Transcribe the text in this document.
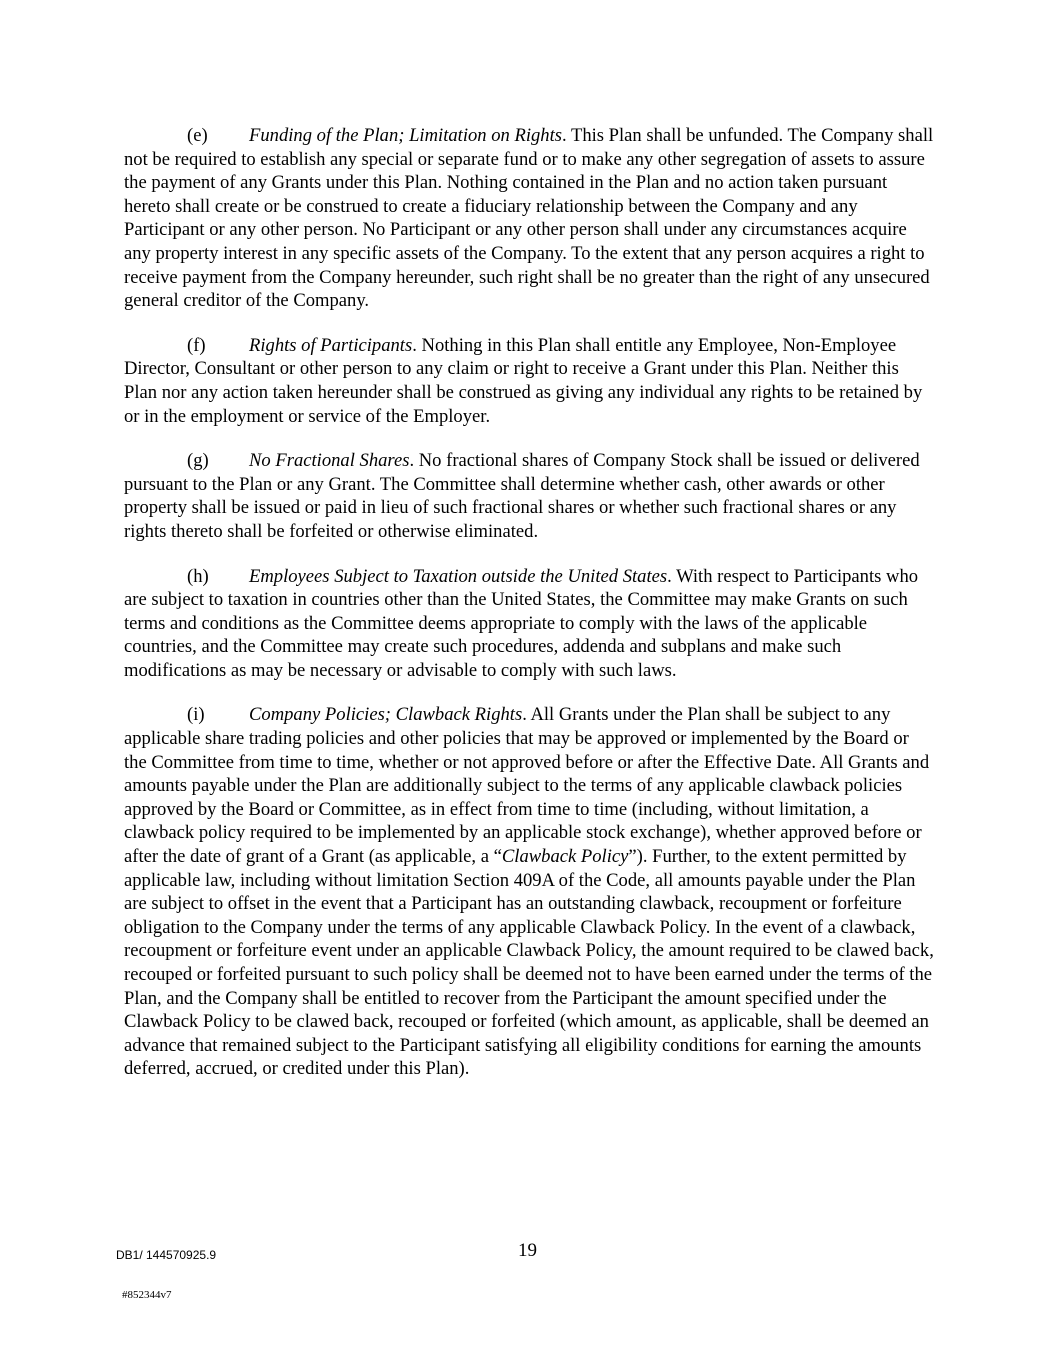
(e) Funding of the Plan; Limitation on Rights. This Plan shall be unfunded. The Company shall not be required to establish any special or separate fund or to make any other segregation of assets to assure the payment of any Grants under this Plan. Nothing contained in the Plan and no action taken pursuant hereto shall create or be construed to create a fiduciary relationship between the Company and any Participant or any other person. No Participant or any other person shall under any circumstances acquire any property interest in any specific assets of the Company. To the extent that any person acquires a right to receive payment from the Company hereunder, such right shall be no greater than the right of any unsecured general creditor of the Company.

(f) Rights of Participants. Nothing in this Plan shall entitle any Employee, Non-Employee Director, Consultant or other person to any claim or right to receive a Grant under this Plan. Neither this Plan nor any action taken hereunder shall be construed as giving any individual any rights to be retained by or in the employment or service of the Employer.

(g) No Fractional Shares. No fractional shares of Company Stock shall be issued or delivered pursuant to the Plan or any Grant. The Committee shall determine whether cash, other awards or other property shall be issued or paid in lieu of such fractional shares or whether such fractional shares or any rights thereto shall be forfeited or otherwise eliminated.

(h) Employees Subject to Taxation outside the United States. With respect to Participants who are subject to taxation in countries other than the United States, the Committee may make Grants on such terms and conditions as the Committee deems appropriate to comply with the laws of the applicable countries, and the Committee may create such procedures, addenda and subplans and make such modifications as may be necessary or advisable to comply with such laws.

(i) Company Policies; Clawback Rights. All Grants under the Plan shall be subject to any applicable share trading policies and other policies that may be approved or implemented by the Board or the Committee from time to time, whether or not approved before or after the Effective Date. All Grants and amounts payable under the Plan are additionally subject to the terms of any applicable clawback policies approved by the Board or Committee, as in effect from time to time (including, without limitation, a clawback policy required to be implemented by an applicable stock exchange), whether approved before or after the date of grant of a Grant (as applicable, a “Clawback Policy”). Further, to the extent permitted by applicable law, including without limitation Section 409A of the Code, all amounts payable under the Plan are subject to offset in the event that a Participant has an outstanding clawback, recoupment or forfeiture obligation to the Company under the terms of any applicable Clawback Policy. In the event of a clawback, recoupment or forfeiture event under an applicable Clawback Policy, the amount required to be clawed back, recouped or forfeited pursuant to such policy shall be deemed not to have been earned under the terms of the Plan, and the Company shall be entitled to recover from the Participant the amount specified under the Clawback Policy to be clawed back, recouped or forfeited (which amount, as applicable, shall be deemed an advance that remained subject to the Participant satisfying all eligibility conditions for earning the amounts deferred, accrued, or credited under this Plan).

19
DB1/ 144570925.9
#852344v7
